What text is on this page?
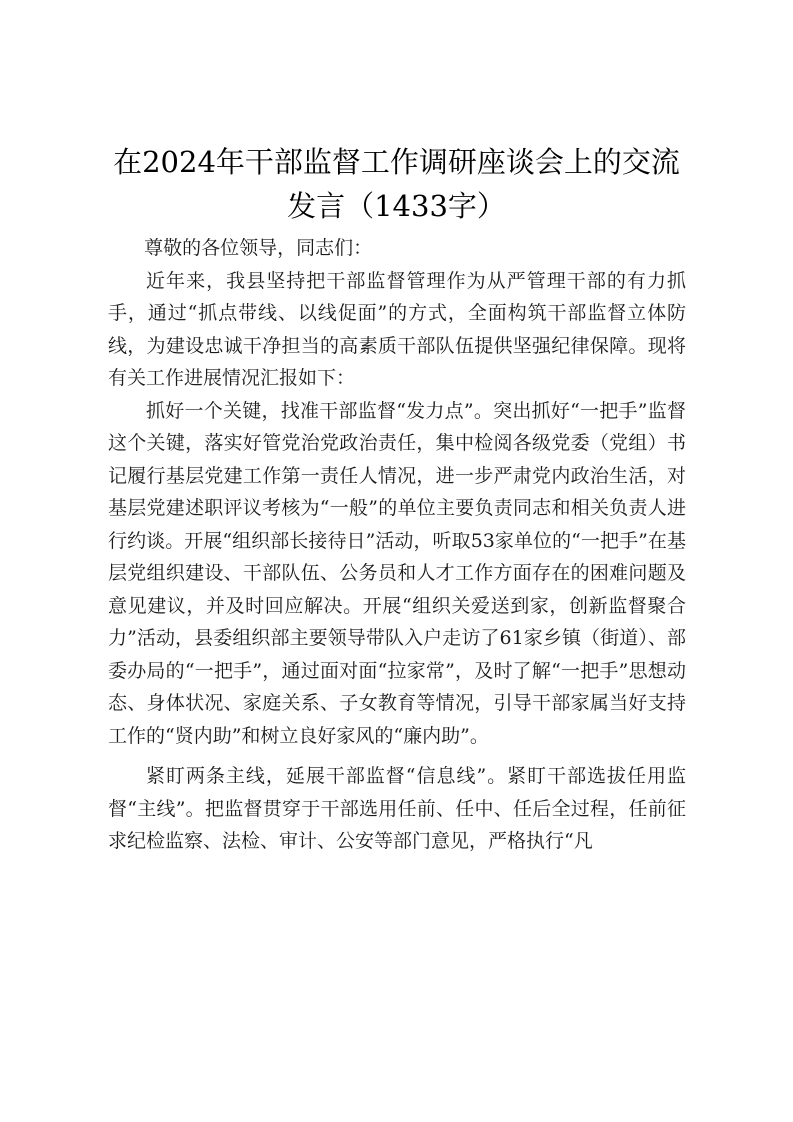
在2024年干部监督工作调研座谈会上的交流
发言（1433字）

尊敬的各位领导，同志们：

近年来，我县坚持把干部监督管理作为从严管理干部的有力抓手，通过“抓点带线、以线促面”的方式，全面构筑干部监督立体防线，为建设忠诚干净担当的高素质干部队伍提供坚强纪律保障。现将有关工作进展情况汇报如下：

抓好一个关键，找准干部监督“发力点”。突出抓好“一把手”监督这个关键，落实好管党治党政治责任，集中检阅各级党委（党组）书记履行基层党建工作第一责任人情况，进一步严肃党内政治生活，对基层党建述职评议考核为“一般”的单位主要负责同志和相关负责人进行约谈。开展“组织部长接待日”活动，听取53家单位的“一把手”在基层党组织建设、干部队伍、公务员和人才工作方面存在的困难问题及意见建议，并及时回应解决。开展“组织关爱送到家，创新监督聚合力”活动，县委组织部主要领导带队入户走访了61家乡镇（街道）、部委办局的“一把手”，通过面对面“拉家常”，及时了解“一把手”思想动态、身体状况、家庭关系、子女教育等情况，引导干部家属当好支持工作的“贤内助”和树立良好家风的“廉内助”。

紧盯两条主线，延展干部监督“信息线”。紧盯干部选拔任用监督“主线”。把监督贯穿于干部选用任前、任中、任后全过程，任前征求纪检监察、法检、审计、公安等部门意见，严格执行“凡
